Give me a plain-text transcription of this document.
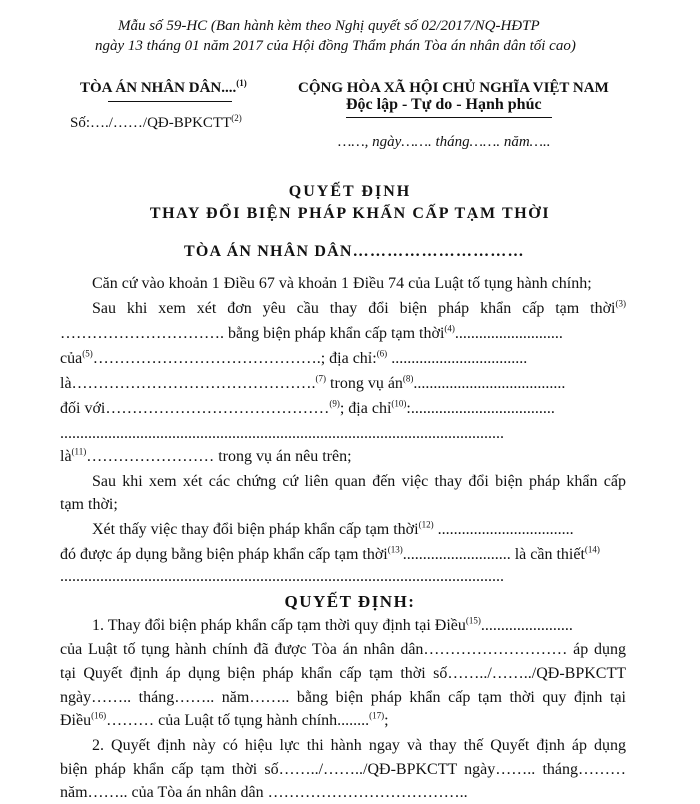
Mẫu số 59-HC (Ban hành kèm theo Nghị quyết số 02/2017/NQ-HĐTP
ngày 13 tháng 01 năm 2017 của Hội đồng Thẩm phán Tòa án nhân dân tối cao)
TÒA ÁN NHÂN DÂN....$^{(1)}$
Số:…./……/QĐ-BPKCTT$^{(2)}$
CỘNG HÒA XÃ HỘI CHỦ NGHĨA VIỆT NAM
Độc lập - Tự do - Hạnh phúc
……, ngày……. tháng……. năm…..
QUYẾT ĐỊNH
THAY ĐỔI BIỆN PHÁP KHẨN CẤP TẠM THỜI
TÒA ÁN NHÂN DÂN…………………………
Căn cứ vào khoản 1 Điều 67 và khoản 1 Điều 74 của Luật tố tụng hành chính;
Sau khi xem xét đơn yêu cầu thay đổi biện pháp khẩn cấp tạm thời$^{(3)}$
…………………………. bằng biện pháp khẩn cấp tạm thời$^{(4)}$...........................
của$^{(5)}$…………………………………….; địa chỉ:$^{(6)}$ ..................................
là……………………………………….$^{(7)}$ trong vụ $án^{(8)}$......................................
đối với……………………………………$^{(9)}$; địa chỉ$^{(10)}$:....................................
...............................................................................................................
$là^{(11)}\dots\dots\dots\dots\dots\dots\dots\dots$ trong vụ án nêu trên;
Sau khi xem xét các chứng cứ liên quan đến việc thay đổi biện pháp khẩn cấp
tạm thời;
Xét thấy việc thay đổi biện pháp khẩn cấp tạm thời$^{(12)}$ ..................................
đó được áp dụng bằng biện pháp khẩn cấp tạm thời$^{(13)}$........................... là cần thiết$^{(14)}$
...............................................................................................................
QUYẾT ĐỊNH:
1. Thay đổi biện pháp khẩn cấp tạm thời quy định tại Điều$^{(15)}$.......................
của Luật tố tụng hành chính đã được Tòa án nhân dân……………………… áp dụng
tại Quyết định áp dụng biện pháp khẩn cấp tạm thời số……../……../QĐ-BPKCTT
ngày…….. tháng…….. năm…….. bằng biện pháp khẩn cấp tạm thời quy định tại
Điều$^{(16)}$……… của Luật tố tụng hành chính........$^{(17)}$;
2. Quyết định này có hiệu lực thi hành ngay và thay thế Quyết định áp dụng
biện pháp khẩn cấp tạm thời số……../……../QĐ-BPKCTT ngày…….. tháng………
năm…….. của Tòa án nhân dân ………………………………..
